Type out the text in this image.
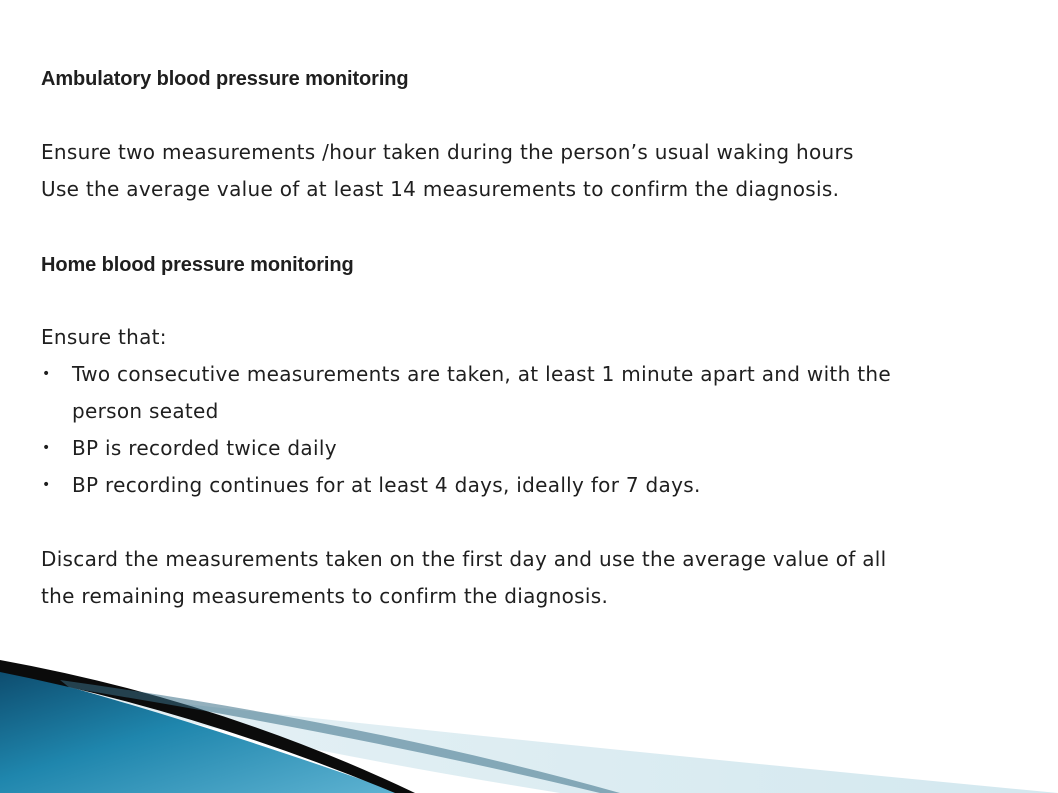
Ambulatory blood pressure monitoring
Ensure two measurements /hour taken during the person’s usual waking hours
Use the average value of at least 14 measurements to confirm the diagnosis.
Home blood pressure monitoring
Ensure that:
• Two consecutive measurements are taken, at least 1 minute apart and with the
person seated
• BP is recorded twice daily
• BP recording continues for at least 4 days, ideally for 7 days.
Discard the measurements taken on the first day and use the average value of all
the remaining measurements to confirm the diagnosis.
